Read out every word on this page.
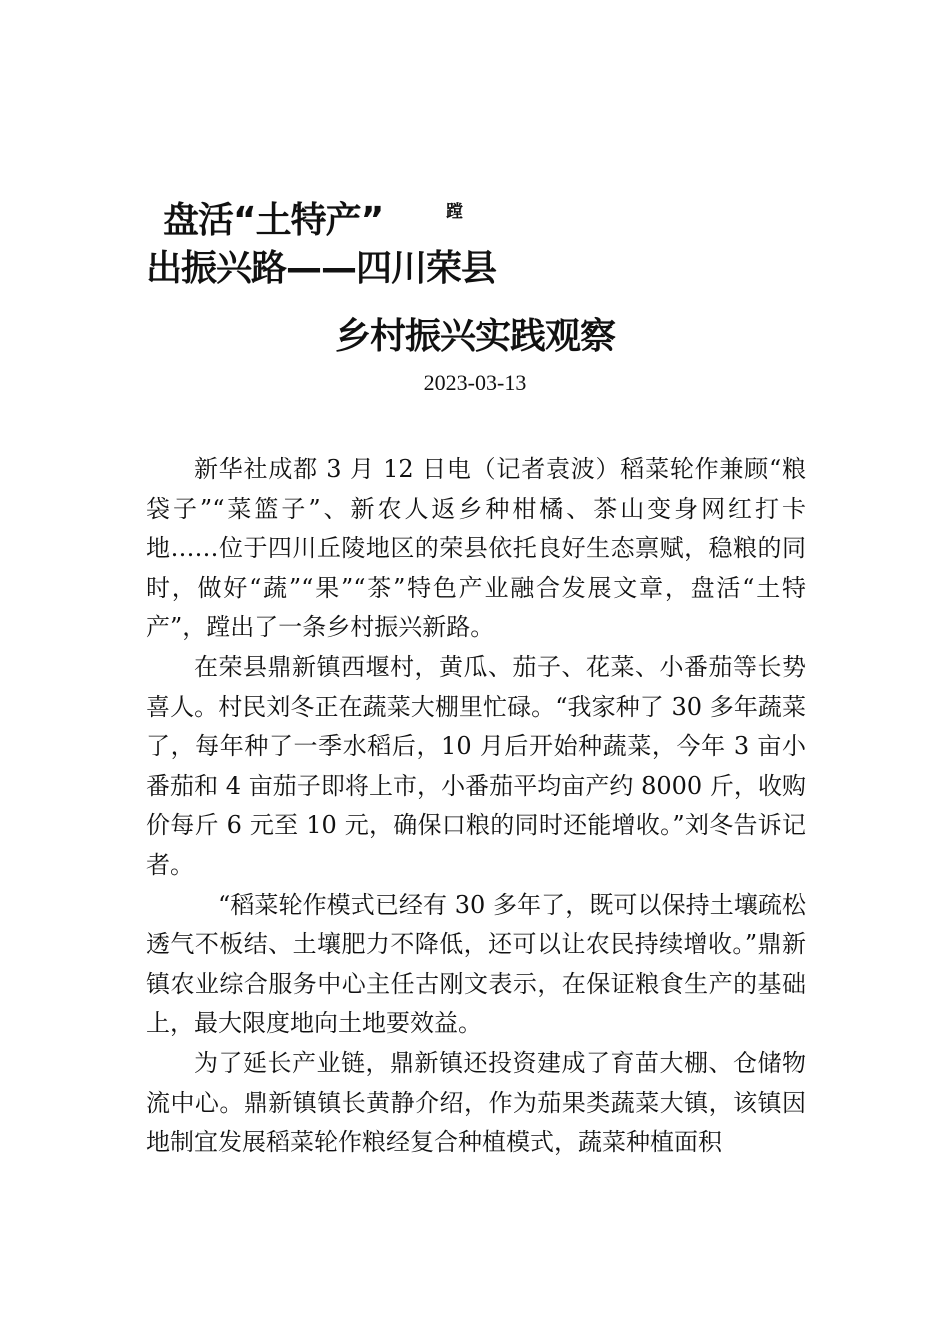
盘活“土特产”	蹚
出振兴路——四川荣县
乡村振兴实践观察
2023-03-13

新华社成都 3 月 12 日电（记者袁波）稻菜轮作兼顾“粮袋子”“菜篮子”、新农人返乡种柑橘、茶山变身网红打卡地……位于四川丘陵地区的荣县依托良好生态禀赋，稳粮的同时，做好“蔬”“果”“茶”特色产业融合发展文章，盘活“土特产”，蹚出了一条乡村振兴新路。

在荣县鼎新镇西堰村，黄瓜、茄子、花菜、小番茄等长势喜人。村民刘冬正在蔬菜大棚里忙碌。“我家种了 30 多年蔬菜了，每年种了一季水稻后，10 月后开始种蔬菜，今年 3 亩小番茄和 4 亩茄子即将上市，小番茄平均亩产约 8000 斤，收购价每斤 6 元至 10 元，确保口粮的同时还能增收。”刘冬告诉记者。

“稻菜轮作模式已经有 30 多年了，既可以保持土壤疏松透气不板结、土壤肥力不降低，还可以让农民持续增收。”鼎新镇农业综合服务中心主任古刚文表示，在保证粮食生产的基础上，最大限度地向土地要效益。

为了延长产业链，鼎新镇还投资建成了育苗大棚、仓储物流中心。鼎新镇镇长黄静介绍，作为茄果类蔬菜大镇，该镇因地制宜发展稻菜轮作粮经复合种植模式，蔬菜种植面积
